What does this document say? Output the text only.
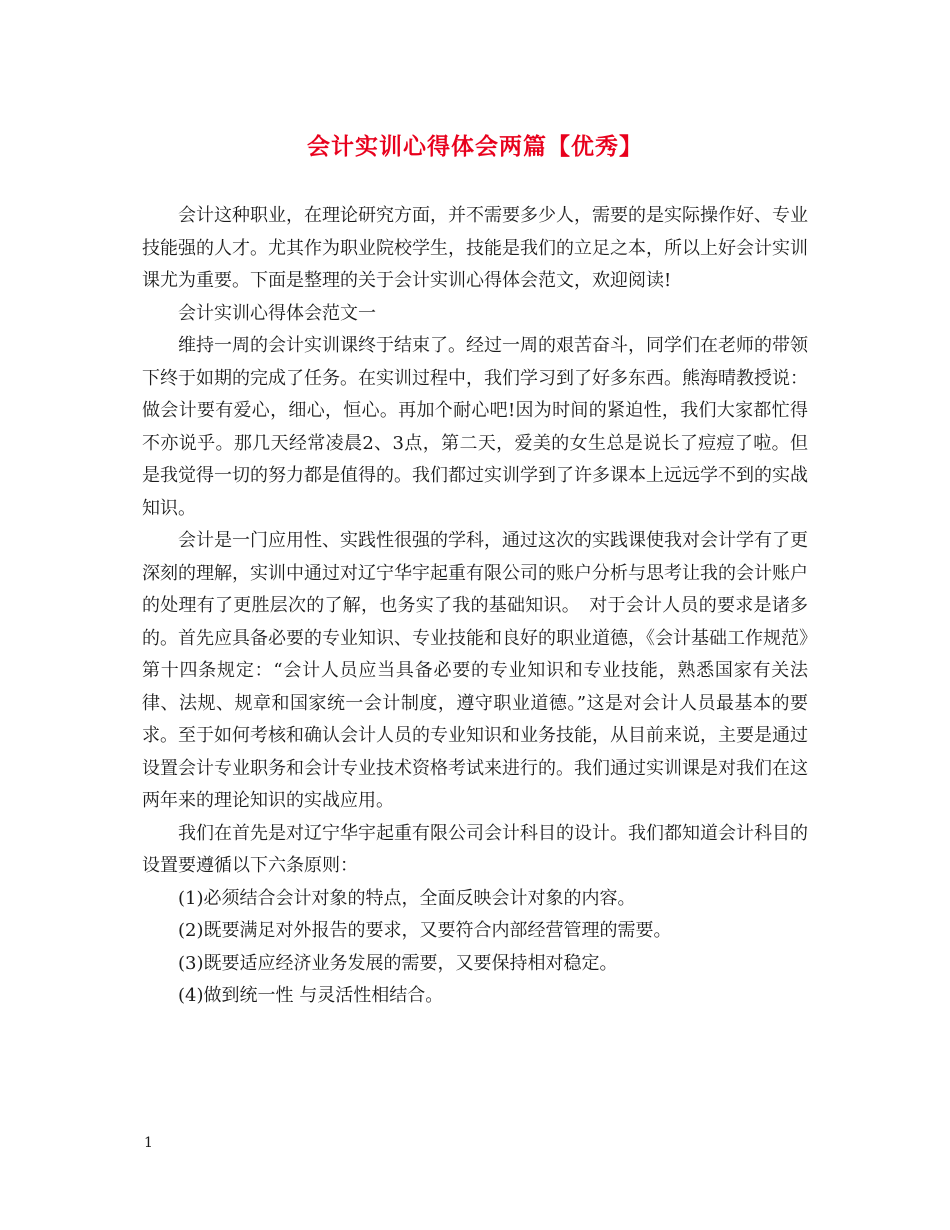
会计实训心得体会两篇【优秀】

会计这种职业，在理论研究方面，并不需要多少人，需要的是实际操作好、专业技能强的人才。尤其作为职业院校学生，技能是我们的立足之本，所以上好会计实训课尤为重要。下面是整理的关于会计实训心得体会范文，欢迎阅读!

会计实训心得体会范文一

维持一周的会计实训课终于结束了。经过一周的艰苦奋斗，同学们在老师的带领下终于如期的完成了任务。在实训过程中，我们学习到了好多东西。熊海晴教授说：做会计要有爱心，细心，恒心。再加个耐心吧!因为时间的紧迫性，我们大家都忙得不亦说乎。那几天经常凌晨2、3点，第二天，爱美的女生总是说长了痘痘了啦。但是我觉得一切的努力都是值得的。我们都过实训学到了许多课本上远远学不到的实战知识。

会计是一门应用性、实践性很强的学科，通过这次的实践课使我对会计学有了更深刻的理解，实训中通过对辽宁华宇起重有限公司的账户分析与思考让我的会计账户的处理有了更胜层次的了解，也务实了我的基础知识。　对于会计人员的要求是诸多的。首先应具备必要的专业知识、专业技能和良好的职业道德，《会计基础工作规范》第十四条规定：“会计人员应当具备必要的专业知识和专业技能，熟悉国家有关法律、法规、规章和国家统一会计制度，遵守职业道德。”这是对会计人员最基本的要求。至于如何考核和确认会计人员的专业知识和业务技能，从目前来说，主要是通过设置会计专业职务和会计专业技术资格考试来进行的。我们通过实训课是对我们在这两年来的理论知识的实战应用。

我们在首先是对辽宁华宇起重有限公司会计科目的设计。我们都知道会计科目的设置要遵循以下六条原则：

(1)必须结合会计对象的特点，全面反映会计对象的内容。

(2)既要满足对外报告的要求，又要符合内部经营管理的需要。

(3)既要适应经济业务发展的需要，又要保持相对稳定。

(4)做到统一性 与灵活性相结合。

1
